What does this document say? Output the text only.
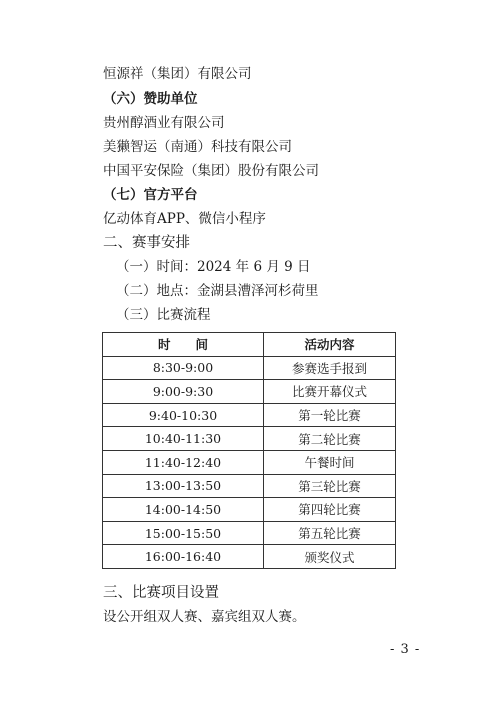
恒源祥（集团）有限公司
（六）赞助单位
贵州醇酒业有限公司
美獭智运（南通）科技有限公司
中国平安保险（集团）股份有限公司
（七）官方平台
亿动体育APP、微信小程序
二、赛事安排
（一）时间：2024 年 6 月 9 日
（二）地点：金湖县漕泽河杉荷里
（三）比赛流程
时　　间	活动内容
8:30-9:00	参赛选手报到
9:00-9:30	比赛开幕仪式
9:40-10:30	第一轮比赛
10:40-11:30	第二轮比赛
11:40-12:40	午餐时间
13:00-13:50	第三轮比赛
14:00-14:50	第四轮比赛
15:00-15:50	第五轮比赛
16:00-16:40	颁奖仪式
三、比赛项目设置
设公开组双人赛、嘉宾组双人赛。
- 3 -
